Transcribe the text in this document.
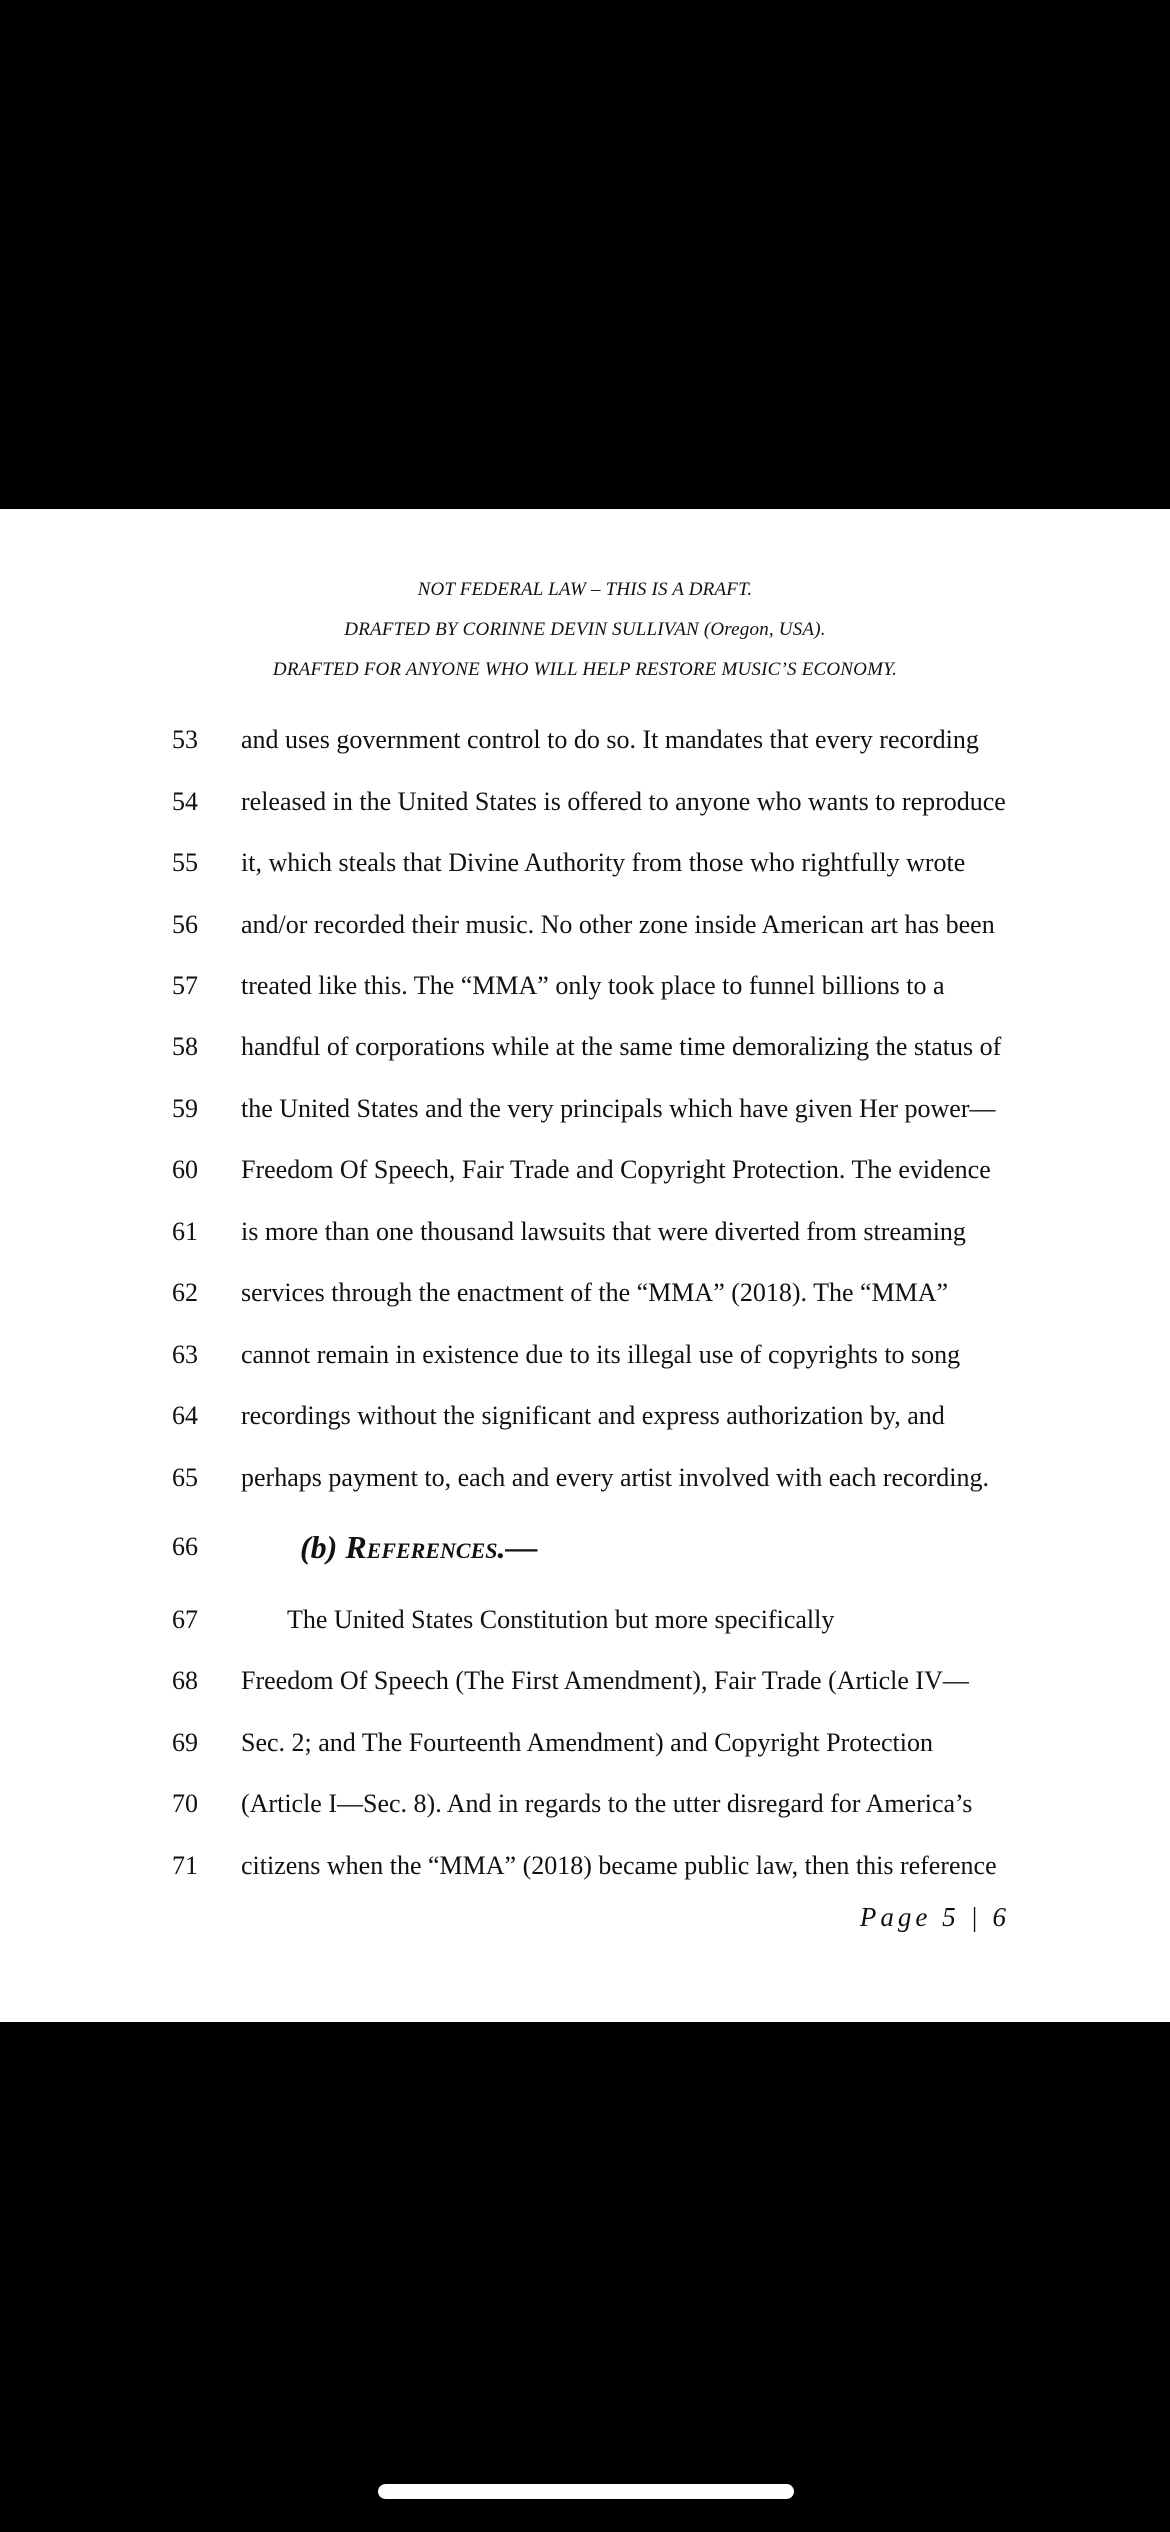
NOT FEDERAL LAW – THIS IS A DRAFT.
DRAFTED BY CORINNE DEVIN SULLIVAN (Oregon, USA).
DRAFTED FOR ANYONE WHO WILL HELP RESTORE MUSIC’S ECONOMY.
53	and uses government control to do so. It mandates that every recording
54	released in the United States is offered to anyone who wants to reproduce
55	it, which steals that Divine Authority from those who rightfully wrote
56	and/or recorded their music. No other zone inside American art has been
57	treated like this. The “MMA” only took place to funnel billions to a
58	handful of corporations while at the same time demoralizing the status of
59	the United States and the very principals which have given Her power—
60	Freedom Of Speech, Fair Trade and Copyright Protection. The evidence
61	is more than one thousand lawsuits that were diverted from streaming
62	services through the enactment of the “MMA” (2018). The “MMA”
63	cannot remain in existence due to its illegal use of copyrights to song
64	recordings without the significant and express authorization by, and
65	perhaps payment to, each and every artist involved with each recording.
66	(b) References.—
67	The United States Constitution but more specifically
68	Freedom Of Speech (The First Amendment), Fair Trade (Article IV—
69	Sec. 2; and The Fourteenth Amendment) and Copyright Protection
70	(Article I—Sec. 8). And in regards to the utter disregard for America’s
71	citizens when the “MMA” (2018) became public law, then this reference
Page 5 | 6
